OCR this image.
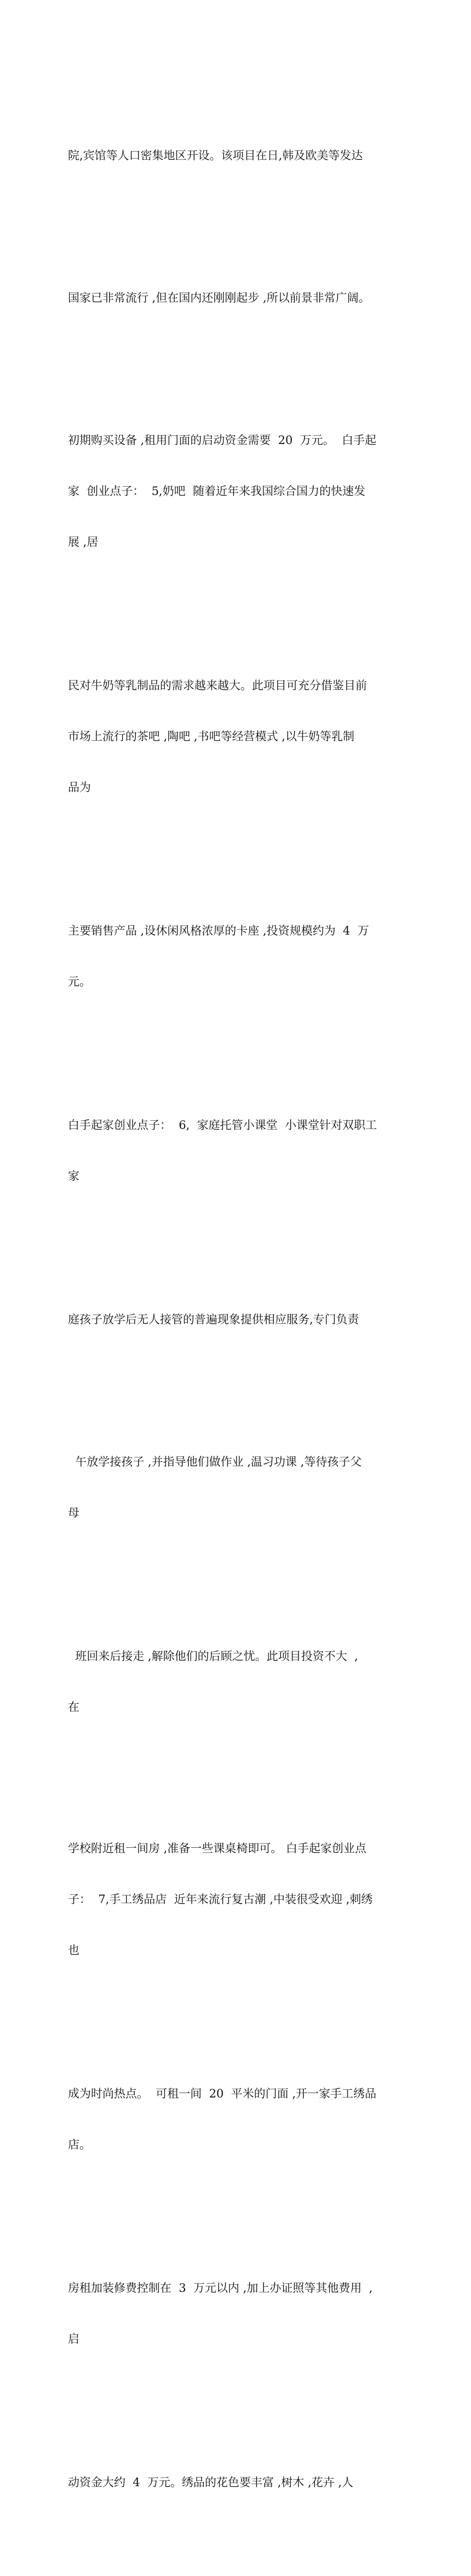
院,宾馆等人口密集地区开设。该项目在日,韩及欧美等发达

国家已非常流行 ,但在国内还刚刚起步 ,所以前景非常广阔。

初期购买设备 ,租用门面的启动资金需要  20  万元。  白手起

家  创业点子：  5,奶吧  随着近年来我国综合国力的快速发

展 ,居

民对牛奶等乳制品的需求越来越大。此项目可充分借鉴目前

市场上流行的茶吧 ,陶吧 ,书吧等经营模式 ,以牛奶等乳制

品为

主要销售产品 ,设休闲风格浓厚的卡座 ,投资规模约为  4  万

元。

白手起家创业点子：  6,  家庭托管小课堂  小课堂针对双职工

家

庭孩子放学后无人接管的普遍现象提供相应服务,专门负责

午放学接孩子 ,并指导他们做作业 ,温习功课 ,等待孩子父

母

班回来后接走 ,解除他们的后顾之忧。此项目投资不大  ,

在

学校附近租一间房 ,准备一些课桌椅即可。 白手起家创业点

子：  7,手工绣品店  近年来流行复古潮 ,中装很受欢迎 ,刺绣

也

成为时尚热点。  可租一间  20  平米的门面 ,开一家手工绣品

店。

房租加装修费控制在  3  万元以内 ,加上办证照等其他费用  ,

启

动资金大约  4  万元。绣品的花色要丰富 ,树木 ,花卉 ,人
